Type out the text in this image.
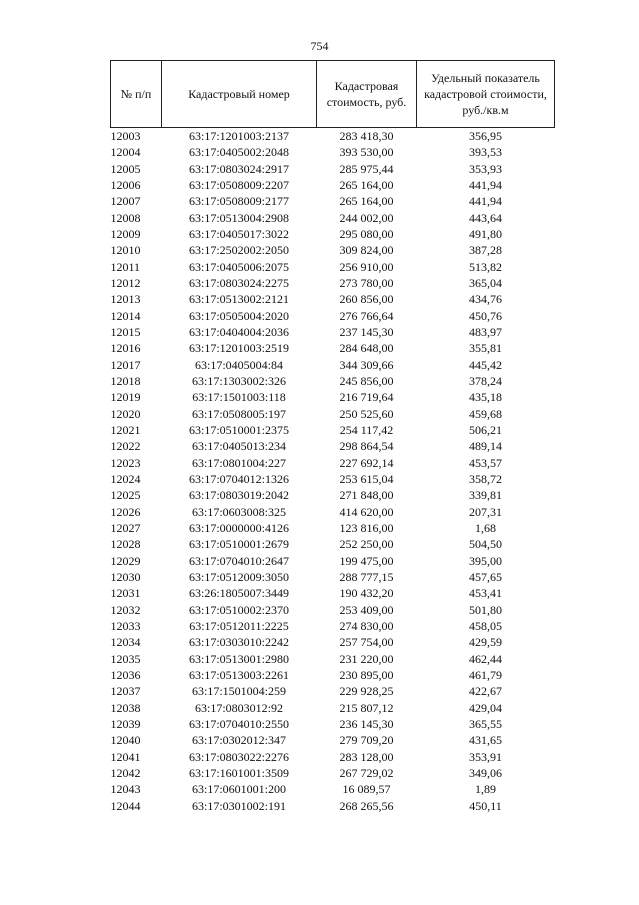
754
№ п/п	Кадастровый номер	Кадастровая стоимость, руб.	Удельный показатель кадастровой стоимости, руб./кв.м
12003	63:17:1201003:2137	283 418,30	356,95
12004	63:17:0405002:2048	393 530,00	393,53
12005	63:17:0803024:2917	285 975,44	353,93
12006	63:17:0508009:2207	265 164,00	441,94
12007	63:17:0508009:2177	265 164,00	441,94
12008	63:17:0513004:2908	244 002,00	443,64
12009	63:17:0405017:3022	295 080,00	491,80
12010	63:17:2502002:2050	309 824,00	387,28
12011	63:17:0405006:2075	256 910,00	513,82
12012	63:17:0803024:2275	273 780,00	365,04
12013	63:17:0513002:2121	260 856,00	434,76
12014	63:17:0505004:2020	276 766,64	450,76
12015	63:17:0404004:2036	237 145,30	483,97
12016	63:17:1201003:2519	284 648,00	355,81
12017	63:17:0405004:84	344 309,66	445,42
12018	63:17:1303002:326	245 856,00	378,24
12019	63:17:1501003:118	216 719,64	435,18
12020	63:17:0508005:197	250 525,60	459,68
12021	63:17:0510001:2375	254 117,42	506,21
12022	63:17:0405013:234	298 864,54	489,14
12023	63:17:0801004:227	227 692,14	453,57
12024	63:17:0704012:1326	253 615,04	358,72
12025	63:17:0803019:2042	271 848,00	339,81
12026	63:17:0603008:325	414 620,00	207,31
12027	63:17:0000000:4126	123 816,00	1,68
12028	63:17:0510001:2679	252 250,00	504,50
12029	63:17:0704010:2647	199 475,00	395,00
12030	63:17:0512009:3050	288 777,15	457,65
12031	63:26:1805007:3449	190 432,20	453,41
12032	63:17:0510002:2370	253 409,00	501,80
12033	63:17:0512011:2225	274 830,00	458,05
12034	63:17:0303010:2242	257 754,00	429,59
12035	63:17:0513001:2980	231 220,00	462,44
12036	63:17:0513003:2261	230 895,00	461,79
12037	63:17:1501004:259	229 928,25	422,67
12038	63:17:0803012:92	215 807,12	429,04
12039	63:17:0704010:2550	236 145,30	365,55
12040	63:17:0302012:347	279 709,20	431,65
12041	63:17:0803022:2276	283 128,00	353,91
12042	63:17:1601001:3509	267 729,02	349,06
12043	63:17:0601001:200	16 089,57	1,89
12044	63:17:0301002:191	268 265,56	450,11
